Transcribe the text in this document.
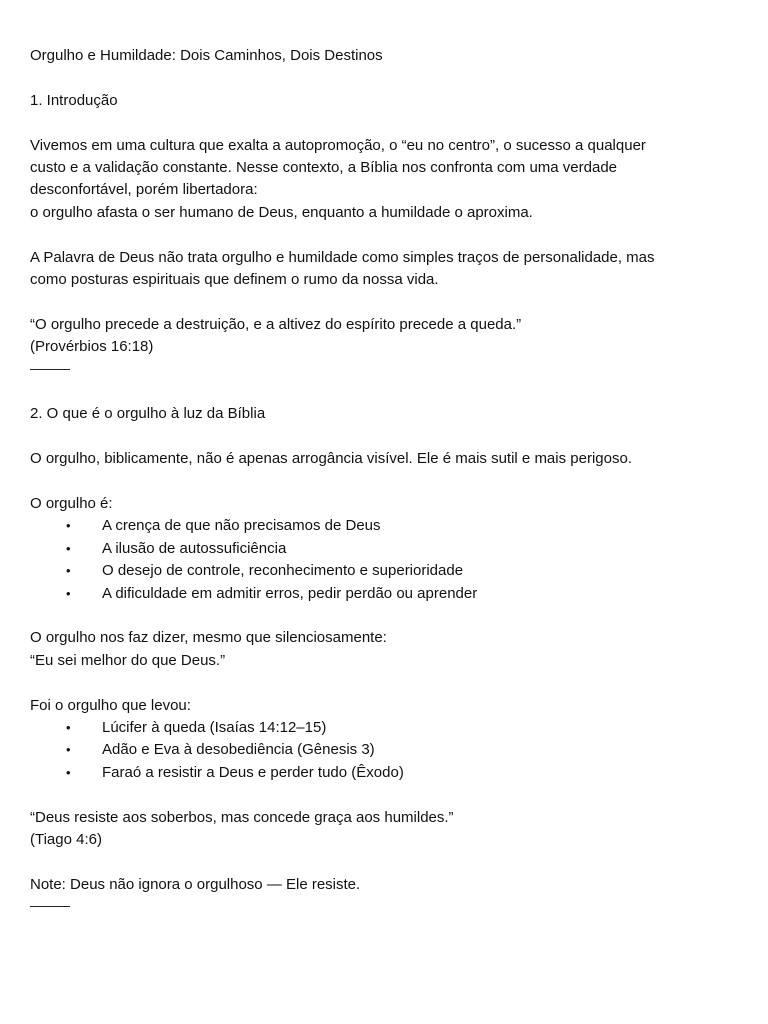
Orgulho e Humildade: Dois Caminhos, Dois Destinos
1. Introdução
Vivemos em uma cultura que exalta a autopromoção, o “eu no centro”, o sucesso a qualquer
custo e a validação constante. Nesse contexto, a Bíblia nos confronta com uma verdade
desconfortável, porém libertadora:
o orgulho afasta o ser humano de Deus, enquanto a humildade o aproxima.
A Palavra de Deus não trata orgulho e humildade como simples traços de personalidade, mas
como posturas espirituais que definem o rumo da nossa vida.
“O orgulho precede a destruição, e a altivez do espírito precede a queda.”
(Provérbios 16:18)
2. O que é o orgulho à luz da Bíblia
O orgulho, biblicamente, não é apenas arrogância visível. Ele é mais sutil e mais perigoso.
O orgulho é:
•	A crença de que não precisamos de Deus
•	A ilusão de autossuficiência
•	O desejo de controle, reconhecimento e superioridade
•	A dificuldade em admitir erros, pedir perdão ou aprender
O orgulho nos faz dizer, mesmo que silenciosamente:
“Eu sei melhor do que Deus.”
Foi o orgulho que levou:
•	Lúcifer à queda (Isaías 14:12–15)
•	Adão e Eva à desobediência (Gênesis 3)
•	Faraó a resistir a Deus e perder tudo (Êxodo)
“Deus resiste aos soberbos, mas concede graça aos humildes.”
(Tiago 4:6)
Note: Deus não ignora o orgulhoso — Ele resiste.
